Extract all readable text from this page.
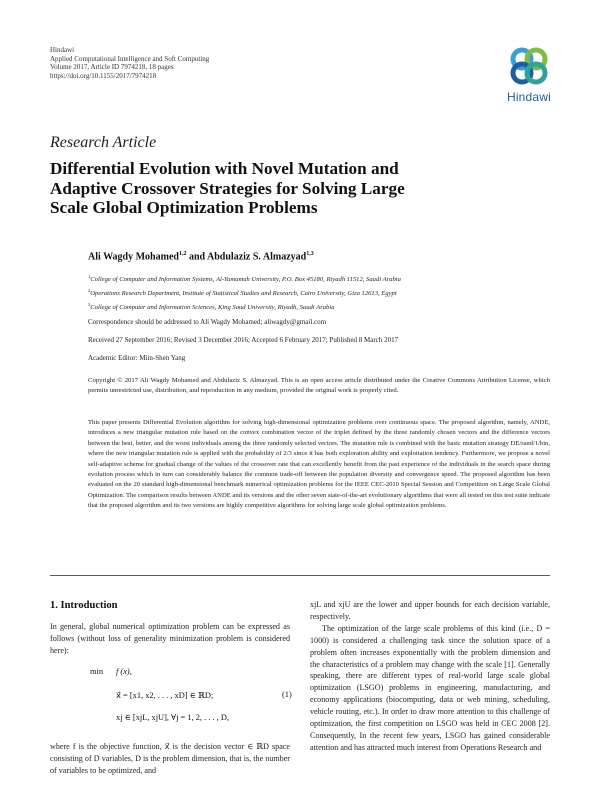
Hindawi
Applied Computational Intelligence and Soft Computing
Volume 2017, Article ID 7974218, 18 pages
https://doi.org/10.1155/2017/7974218
Hindawi
Research Article
Differential Evolution with Novel Mutation and Adaptive Crossover Strategies for Solving Large Scale Global Optimization Problems
Ali Wagdy Mohamed$^{1,2}$ and Abdulaziz S. Almazyad$^{1,3}$
$^1$College of Computer and Information Systems, Al-Yamamah University, P.O. Box 45180, Riyadh 11512, Saudi Arabia
$^2$Operations Research Department, Institute of Statistical Studies and Research, Cairo University, Giza 12613, Egypt
$^3$College of Computer and Information Sciences, King Saud University, Riyadh, Saudi Arabia
Correspondence should be addressed to Ali Wagdy Mohamed; aliwagdy@gmail.com
Received 27 September 2016; Revised 3 December 2016; Accepted 6 February 2017; Published 8 March 2017
Academic Editor: Miin-Shen Yang
Copyright © 2017 Ali Wagdy Mohamed and Abdulaziz S. Almazyad. This is an open access article distributed under the Creative Commons Attribution License, which permits unrestricted use, distribution, and reproduction in any medium, provided the original work is properly cited.
This paper presents Differential Evolution algorithm for solving high-dimensional optimization problems over continuous space. The proposed algorithm, namely, ANDE, introduces a new triangular mutation rule based on the convex combination vector of the triplet defined by the three randomly chosen vectors and the difference vectors between the best, better, and the worst individuals among the three randomly selected vectors. The mutation rule is combined with the basic mutation strategy DE/rand/1/bin, where the new triangular mutation rule is applied with the probability of 2/3 since it has both exploration ability and exploitation tendency. Furthermore, we propose a novel self-adaptive scheme for gradual change of the values of the crossover rate that can excellently benefit from the past experience of the individuals in the search space during evolution process which in turn can considerably balance the common trade-off between the population diversity and convergence speed. The proposed algorithm has been evaluated on the 20 standard high-dimensional benchmark numerical optimization problems for the IEEE CEC-2010 Special Session and Competition on Large Scale Global Optimization. The comparison results between ANDE and its versions and the other seven state-of-the-art evolutionary algorithms that were all tested on this test suite indicate that the proposed algorithm and its two versions are highly competitive algorithms for solving large scale global optimization problems.
1. Introduction
In general, global numerical optimization problem can be expressed as follows (without loss of generality minimization problem is considered here):
min f (x),
x⃗ = [x1, x2, . . . , xD] ∈ ℝD;	(1)
xj ∈ [xjL, xjU], ∀j = 1, 2, . . . , D,
where f is the objective function, x⃗ is the decision vector ∈ ℝD space consisting of D variables, D is the problem dimension, that is, the number of variables to be optimized, and
xjL and xjU are the lower and upper bounds for each decision variable, respectively.
The optimization of the large scale problems of this kind (i.e., D = 1000) is considered a challenging task since the solution space of a problem often increases exponentially with the problem dimension and the characteristics of a problem may change with the scale [1]. Generally speaking, there are different types of real-world large scale global optimization (LSGO) problems in engineering, manufacturing, and economy applications (biocomputing, data or web mining, scheduling, vehicle routing, etc.). In order to draw more attention to this challenge of optimization, the first competition on LSGO was held in CEC 2008 [2]. Consequently, In the recent few years, LSGO has gained considerable attention and has attracted much interest from Operations Research and
